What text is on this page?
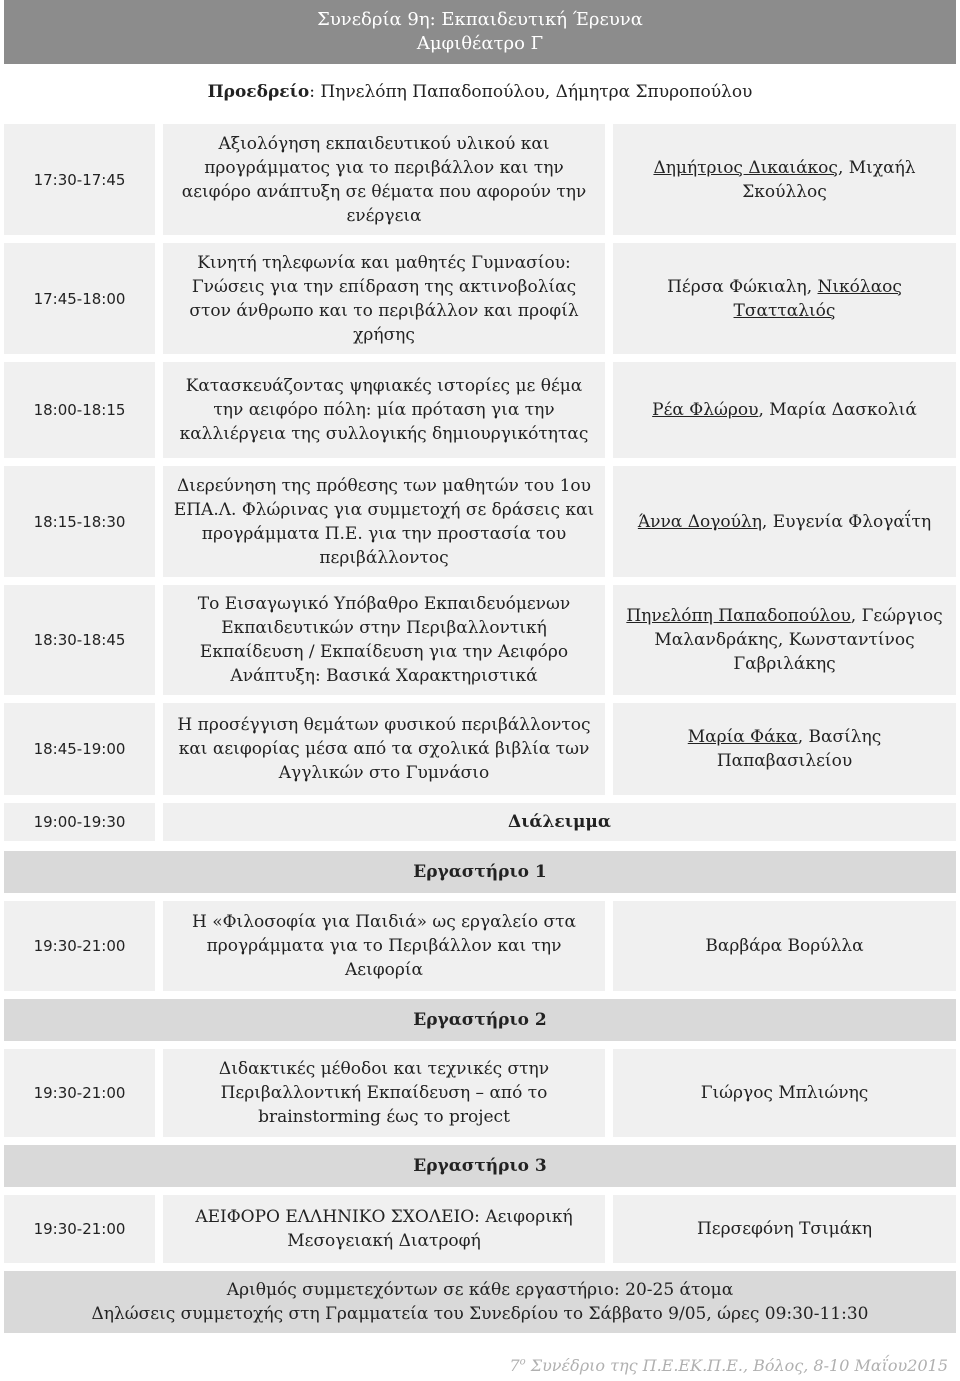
Συνεδρία 9η: Εκπαιδευτική Έρευνα
Αμφιθέατρο Γ
Προεδρείο: Πηνελόπη Παπαδοπούλου, Δήμητρα Σπυροπούλου
17:30-17:45
Αξιολόγηση εκπαιδευτικού υλικού και προγράμματος για το περιβάλλον και την αειφόρο ανάπτυξη σε θέματα που αφορούν την ενέργεια
Δημήτριος Δικαιάκος, Μιχαήλ Σκούλλος
17:45-18:00
Κινητή τηλεφωνία και μαθητές Γυμνασίου: Γνώσεις για την επίδραση της ακτινοβολίας στον άνθρωπο και το περιβάλλον και προφίλ χρήσης
Πέρσα Φώκιαλη, Νικόλαος Τσατταλιός
18:00-18:15
Κατασκευάζοντας ψηφιακές ιστορίες με θέμα την αειφόρο πόλη: μία πρόταση για την καλλιέργεια της συλλογικής δημιουργικότητας
Ρέα Φλώρου, Μαρία Δασκολιά
18:15-18:30
Διερεύνηση της πρόθεσης των μαθητών του 1ου ΕΠΑ.Λ. Φλώρινας για συμμετοχή σε δράσεις και προγράμματα Π.Ε. για την προστασία του περιβάλλοντος
Άννα Δογούλη, Ευγενία Φλογαΐτη
18:30-18:45
Το Εισαγωγικό Υπόβαθρο Εκπαιδευόμενων Εκπαιδευτικών στην Περιβαλλοντική Εκπαίδευση / Εκπαίδευση για την Αειφόρο Ανάπτυξη: Βασικά Χαρακτηριστικά
Πηνελόπη Παπαδοπούλου, Γεώργιος Μαλανδράκης, Κωνσταντίνος Γαβριλάκης
18:45-19:00
Η προσέγγιση θεμάτων φυσικού περιβάλλοντος και αειφορίας μέσα από τα σχολικά βιβλία των Αγγλικών στο Γυμνάσιο
Μαρία Φάκα, Βασίλης Παπαβασιλείου
19:00-19:30	Διάλειμμα
Εργαστήριο 1
19:30-21:00
Η «Φιλοσοφία για Παιδιά» ως εργαλείο στα προγράμματα για το Περιβάλλον και την Αειφορία
Βαρβάρα Βορύλλα
Εργαστήριο 2
19:30-21:00
Διδακτικές μέθοδοι και τεχνικές στην Περιβαλλοντική Εκπαίδευση – από το brainstorming έως το project
Γιώργος Μπλιώνης
Εργαστήριο 3
19:30-21:00
ΑΕΙΦΟΡΟ ΕΛΛΗΝΙΚΟ ΣΧΟΛΕΙΟ: Αειφορική Μεσογειακή Διατροφή
Περσεφόνη Τσιμάκη
Αριθμός συμμετεχόντων σε κάθε εργαστήριο: 20-25 άτομα
Δηλώσεις συμμετοχής στη Γραμματεία του Συνεδρίου το Σάββατο 9/05, ώρες 09:30-11:30
$7^o$ Συνέδριο της Π.Ε.ΕΚ.Π.Ε., Βόλος, 8-10 Μαΐου2015
